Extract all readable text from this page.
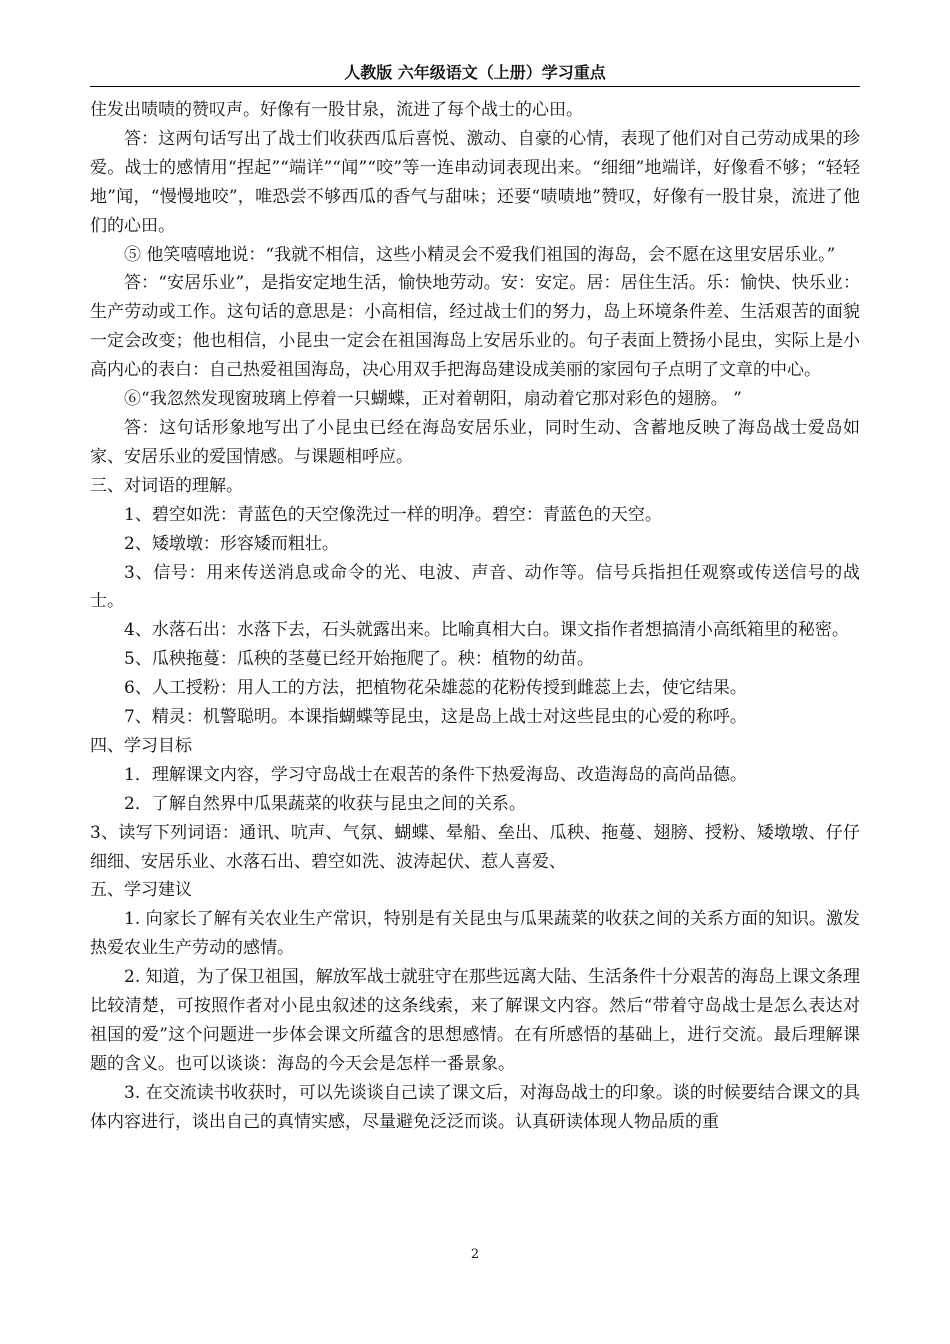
人教版 六年级语文（上册）学习重点

住发出啧啧的赞叹声。好像有一股甘泉，流进了每个战士的心田。

答：这两句话写出了战士们收获西瓜后喜悦、激动、自豪的心情，表现了他们对自己劳动成果的珍爱。战士的感情用“捏起”“端详”“闻”“咬”等一连串动词表现出来。“细细”地端详，好像看不够；“轻轻地”闻，“慢慢地咬”，唯恐尝不够西瓜的香气与甜味；还要“啧啧地”赞叹，好像有一股甘泉，流进了他们的心田。

⑤ 他笑嘻嘻地说：“我就不相信，这些小精灵会不爱我们祖国的海岛，会不愿在这里安居乐业。”

答：“安居乐业”，是指安定地生活，愉快地劳动。安：安定。居：居住生活。乐：愉快、快乐业：生产劳动或工作。这句话的意思是：小高相信，经过战士们的努力，岛上环境条件差、生活艰苦的面貌一定会改变；他也相信，小昆虫一定会在祖国海岛上安居乐业的。句子表面上赞扬小昆虫，实际上是小高内心的表白：自己热爱祖国海岛，决心用双手把海岛建设成美丽的家园句子点明了文章的中心。

⑥“我忽然发现窗玻璃上停着一只蝴蝶，正对着朝阳，扇动着它那对彩色的翅膀。 ”

答：这句话形象地写出了小昆虫已经在海岛安居乐业，同时生动、含蓄地反映了海岛战士爱岛如家、安居乐业的爱国情感。与课题相呼应。

三、对词语的理解。

1、碧空如洗：青蓝色的天空像洗过一样的明净。碧空：青蓝色的天空。

2、矮墩墩：形容矮而粗壮。

3、信号：用来传送消息或命令的光、电波、声音、动作等。信号兵指担任观察或传送信号的战士。

4、水落石出：水落下去，石头就露出来。比喻真相大白。课文指作者想搞清小高纸箱里的秘密。

5、瓜秧拖蔓：瓜秧的茎蔓已经开始拖爬了。秧：植物的幼苗。

6、人工授粉：用人工的方法，把植物花朵雄蕊的花粉传授到雌蕊上去，使它结果。

7、精灵：机警聪明。本课指蝴蝶等昆虫，这是岛上战士对这些昆虫的心爱的称呼。

四、学习目标

1．理解课文内容，学习守岛战士在艰苦的条件下热爱海岛、改造海岛的高尚品德。

2．了解自然界中瓜果蔬菜的收获与昆虫之间的关系。

3、读写下列词语：通讯、吭声、气氛、蝴蝶、晕船、垒出、瓜秧、拖蔓、翅膀、授粉、矮墩墩、仔仔细细、安居乐业、水落石出、碧空如洗、波涛起伏、惹人喜爱、

五、学习建议

1. 向家长了解有关农业生产常识，特别是有关昆虫与瓜果蔬菜的收获之间的关系方面的知识。激发热爱农业生产劳动的感情。

2. 知道，为了保卫祖国，解放军战士就驻守在那些远离大陆、生活条件十分艰苦的海岛上课文条理比较清楚，可按照作者对小昆虫叙述的这条线索，来了解课文内容。然后“带着守岛战士是怎么表达对祖国的爱”这个问题进一步体会课文所蕴含的思想感情。在有所感悟的基础上，进行交流。最后理解课题的含义。也可以谈谈：海岛的今天会是怎样一番景象。

3. 在交流读书收获时，可以先谈谈自己读了课文后，对海岛战士的印象。谈的时候要结合课文的具体内容进行，谈出自己的真情实感，尽量避免泛泛而谈。认真研读体现人物品质的重

2
